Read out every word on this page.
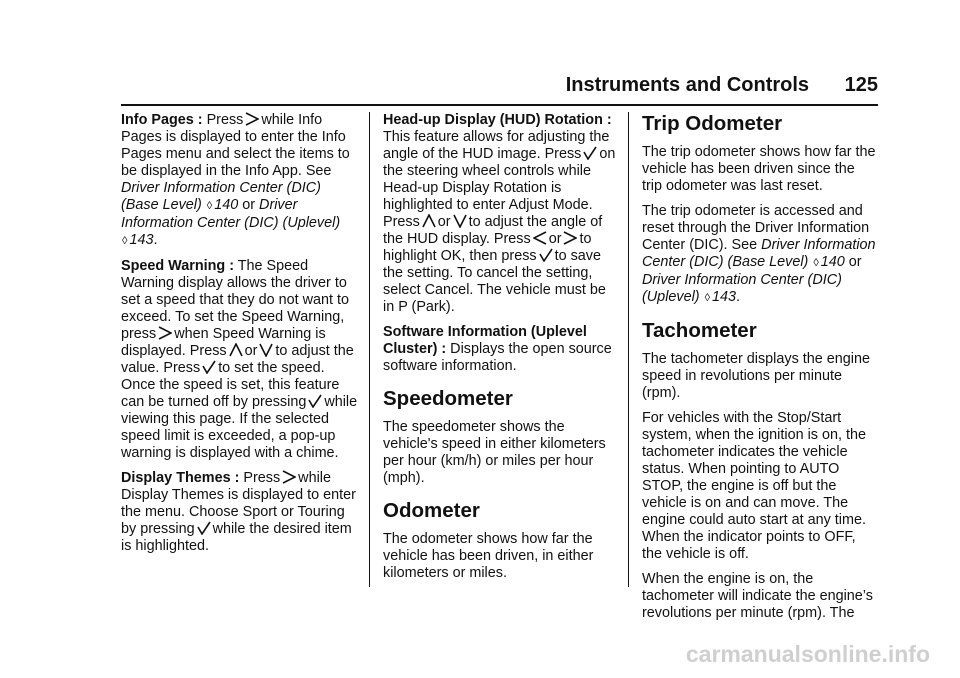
Instruments and Controls 125

Info Pages : Press while Info Pages is displayed to enter the Info Pages menu and select the items to be displayed in the Info App. See Driver Information Center (DIC) (Base Level) ◊ 140 or Driver Information Center (DIC) (Uplevel) ◊ 143.

Speed Warning : The Speed Warning display allows the driver to set a speed that they do not want to exceed. To set the Speed Warning, press when Speed Warning is displayed. Press or to adjust the value. Press to set the speed. Once the speed is set, this feature can be turned off by pressing while viewing this page. If the selected speed limit is exceeded, a pop-up warning is displayed with a chime.

Display Themes : Press while Display Themes is displayed to enter the menu. Choose Sport or Touring by pressing while the desired item is highlighted.

Head-up Display (HUD) Rotation : This feature allows for adjusting the angle of the HUD image. Press on the steering wheel controls while Head-up Display Rotation is highlighted to enter Adjust Mode. Press or to adjust the angle of the HUD display. Press or to highlight OK, then press to save the setting. To cancel the setting, select Cancel. The vehicle must be in P (Park).

Software Information (Uplevel Cluster) : Displays the open source software information.

Speedometer

The speedometer shows the vehicle's speed in either kilometers per hour (km/h) or miles per hour (mph).

Odometer

The odometer shows how far the vehicle has been driven, in either kilometers or miles.

Trip Odometer

The trip odometer shows how far the vehicle has been driven since the trip odometer was last reset.

The trip odometer is accessed and reset through the Driver Information Center (DIC). See Driver Information Center (DIC) (Base Level) ◊ 140 or Driver Information Center (DIC) (Uplevel) ◊ 143.

Tachometer

The tachometer displays the engine speed in revolutions per minute (rpm).

For vehicles with the Stop/Start system, when the ignition is on, the tachometer indicates the vehicle status. When pointing to AUTO STOP, the engine is off but the vehicle is on and can move. The engine could auto start at any time. When the indicator points to OFF, the vehicle is off.

When the engine is on, the tachometer will indicate the engine’s revolutions per minute (rpm). The

carmanualsonline.info
